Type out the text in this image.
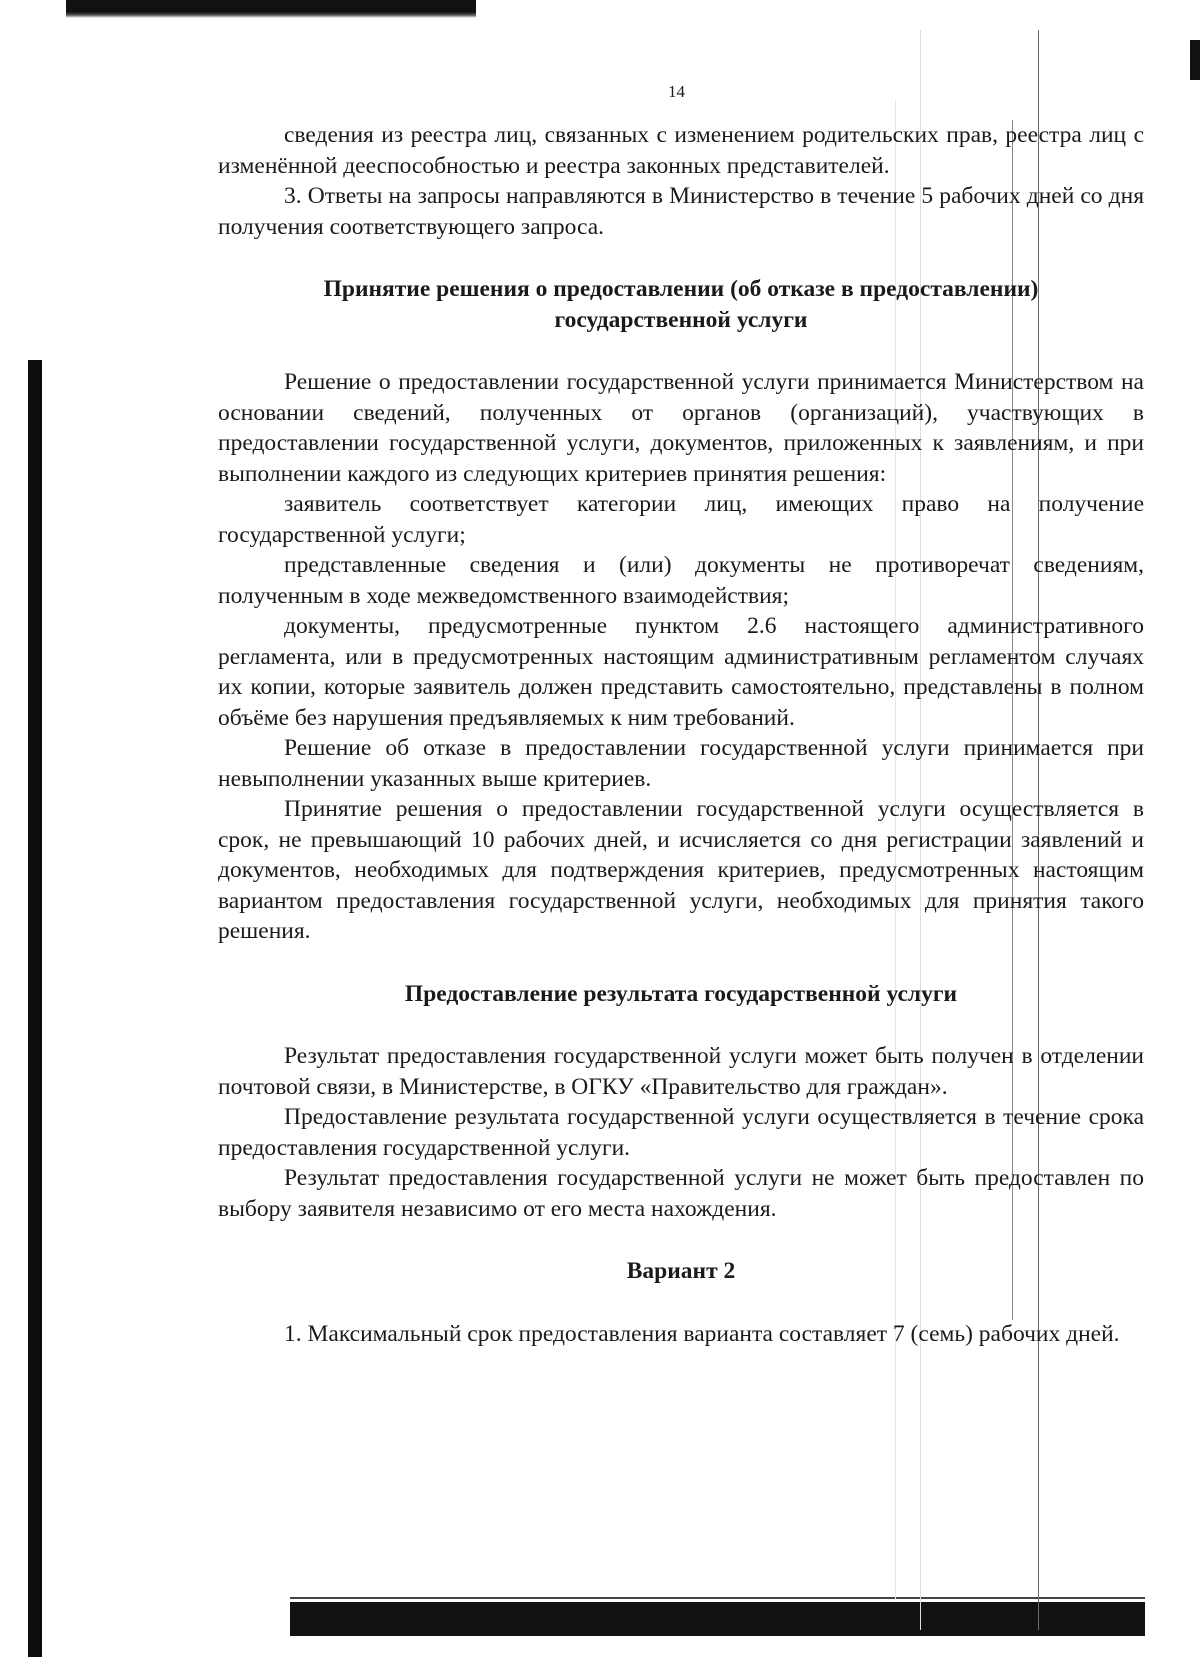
14

сведения из реестра лиц, связанных с изменением родительских прав, реестра лиц с изменённой дееспособностью и реестра законных представителей.

3. Ответы на запросы направляются в Министерство в течение 5 рабочих дней со дня получения соответствующего запроса.

Принятие решения о предоставлении (об отказе в предоставлении) государственной услуги

Решение о предоставлении государственной услуги принимается Министерством на основании сведений, полученных от органов (организаций), участвующих в предоставлении государственной услуги, документов, приложенных к заявлениям, и при выполнении каждого из следующих критериев принятия решения:

заявитель соответствует категории лиц, имеющих право на получение государственной услуги;

представленные сведения и (или) документы не противоречат сведениям, полученным в ходе межведомственного взаимодействия;

документы, предусмотренные пунктом 2.6 настоящего административного регламента, или в предусмотренных настоящим административным регламентом случаях их копии, которые заявитель должен представить самостоятельно, представлены в полном объёме без нарушения предъявляемых к ним требований.

Решение об отказе в предоставлении государственной услуги принимается при невыполнении указанных выше критериев.

Принятие решения о предоставлении государственной услуги осуществляется в срок, не превышающий 10 рабочих дней, и исчисляется со дня регистрации заявлений и документов, необходимых для подтверждения критериев, предусмотренных настоящим вариантом предоставления государственной услуги, необходимых для принятия такого решения.

Предоставление результата государственной услуги

Результат предоставления государственной услуги может быть получен в отделении почтовой связи, в Министерстве, в ОГКУ «Правительство для граждан».

Предоставление результата государственной услуги осуществляется в течение срока предоставления государственной услуги.

Результат предоставления государственной услуги не может быть предоставлен по выбору заявителя независимо от его места нахождения.

Вариант 2

1. Максимальный срок предоставления варианта составляет 7 (семь) рабочих дней.
